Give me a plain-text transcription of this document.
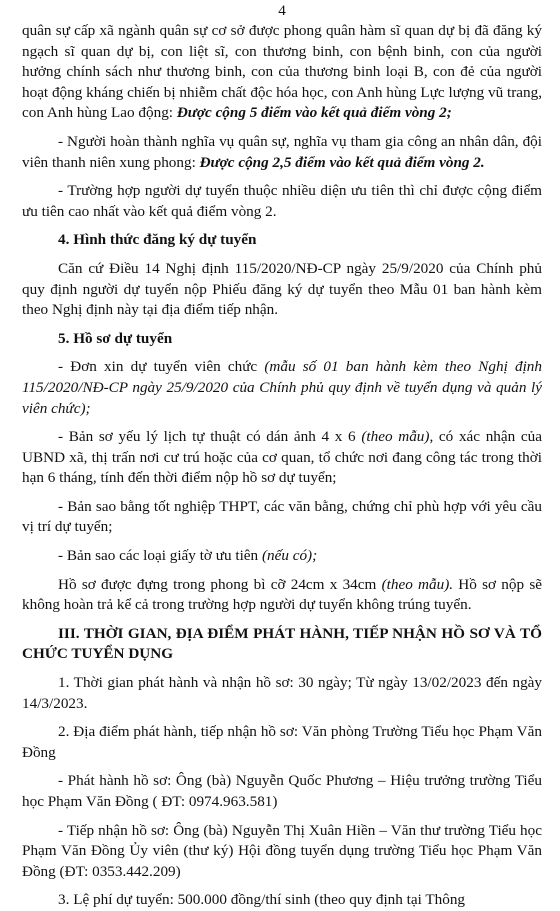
4

quân sự cấp xã ngành quân sự cơ sở được phong quân hàm sĩ quan dự bị đã đăng ký ngạch sĩ quan dự bị, con liệt sĩ, con thương binh, con bệnh binh, con của người hưởng chính sách như thương binh, con của thương binh loại B, con đẻ của người hoạt động kháng chiến bị nhiễm chất độc hóa học, con Anh hùng Lực lượng vũ trang, con Anh hùng Lao động: Được cộng 5 điểm vào kết quả điểm vòng 2;

- Người hoàn thành nghĩa vụ quân sự, nghĩa vụ tham gia công an nhân dân, đội viên thanh niên xung phong: Được cộng 2,5 điểm vào kết quả điểm vòng 2.

- Trường hợp người dự tuyển thuộc nhiều diện ưu tiên thì chỉ được cộng điểm ưu tiên cao nhất vào kết quả điểm vòng 2.

4. Hình thức đăng ký dự tuyển

Căn cứ Điều 14 Nghị định 115/2020/NĐ-CP ngày 25/9/2020 của Chính phủ quy định người dự tuyển nộp Phiếu đăng ký dự tuyển theo Mẫu 01 ban hành kèm theo Nghị định này tại địa điểm tiếp nhận.

5. Hồ sơ dự tuyển

- Đơn xin dự tuyển viên chức (mẫu số 01 ban hành kèm theo Nghị định 115/2020/NĐ-CP ngày 25/9/2020 của Chính phủ quy định về tuyển dụng và quản lý viên chức);

- Bản sơ yếu lý lịch tự thuật có dán ảnh 4 x 6 (theo mẫu), có xác nhận của UBND xã, thị trấn nơi cư trú hoặc của cơ quan, tổ chức nơi đang công tác trong thời hạn 6 tháng, tính đến thời điểm nộp hồ sơ dự tuyển;

- Bản sao bằng tốt nghiệp THPT, các văn bằng, chứng chỉ phù hợp với yêu cầu vị trí dự tuyển;

- Bản sao các loại giấy tờ ưu tiên (nếu có);

Hồ sơ được đựng trong phong bì cỡ 24cm x 34cm (theo mẫu). Hồ sơ nộp sẽ không hoàn trả kể cả trong trường hợp người dự tuyển không trúng tuyển.

III. THỜI GIAN, ĐỊA ĐIỂM PHÁT HÀNH, TIẾP NHẬN HỒ SƠ VÀ TỔ CHỨC TUYỂN DỤNG

1. Thời gian phát hành và nhận hồ sơ: 30 ngày; Từ ngày 13/02/2023 đến ngày 14/3/2023.

2. Địa điểm phát hành, tiếp nhận hồ sơ: Văn phòng Trường Tiểu học Phạm Văn Đồng

- Phát hành hồ sơ: Ông (bà) Nguyễn Quốc Phương – Hiệu trưởng trường Tiểu học Phạm Văn Đồng ( ĐT: 0974.963.581)

- Tiếp nhận hồ sơ: Ông (bà) Nguyễn Thị Xuân Hiền – Văn thư trường Tiểu học Phạm Văn Đồng Ủy viên (thư ký) Hội đồng tuyển dụng trường Tiểu học Phạm Văn Đồng (ĐT: 0353.442.209)

3. Lệ phí dự tuyển: 500.000 đồng/thí sinh (theo quy định tại Thông
